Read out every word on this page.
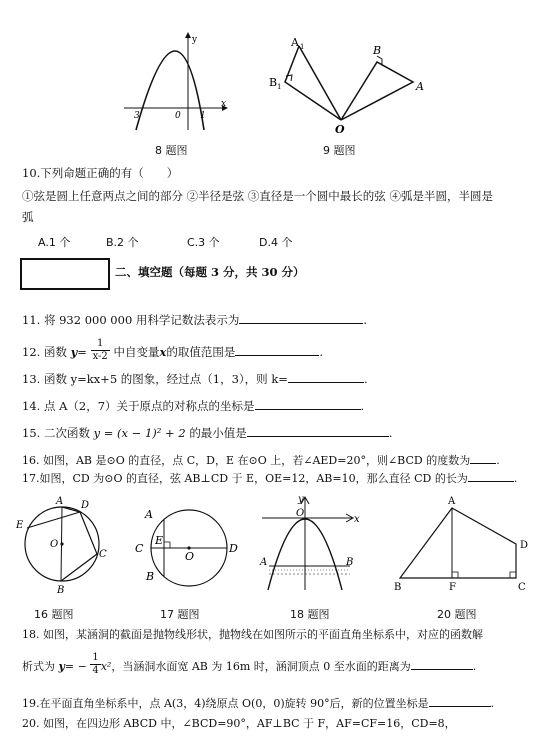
y
x
0
3	1
8 题图
A 1
B 1
B
A
O
9 题图
10.下列命题正确的有（　　）
①弦是圆上任意两点之间的部分 ②半径是弦 ③直径是一个圆中最长的弦 ④弧是半圆，半圆是
弧
A.1 个	B.2 个	C.3 个	D.4 个
二、填空题（每题 3 分，共 30 分）
11. 将 932 000 000 用科学记数法表示为	.
12. 函数 $y= \frac{1}{x-2}$ 中自变量x的取值范围是	.
13. 函数 y=kx+5 的图象，经过点（1，3），则 k=	.
14. 点 A（2，7）关于原点的对称点的坐标是	.
15. 二次函数 y = (x − 1)² + 2 的最小值是	.
16. 如图，AB 是⊙O 的直径，点 C，D，E 在⊙O 上，若∠AED=20°，则∠BCD 的度数为 .
17.如图，CD 为⊙O 的直径，弦 AB⊥CD 于 E，OE=12，AB=10，那么直径 CD 的长为	.
A D
E
O
C
B
16 题图
A
C
E
O
D
B
17 题图
y
O
x
A	B
18 题图
A
D
B	F	C
20 题图
18. 如图，某涵洞的截面是抛物线形状，抛物线在如图所示的平面直角坐标系中，对应的函数解
析式为 $y= - \frac{1}{4} x^2$，当涵洞水面宽 AB 为 16m 时，涵洞顶点 0 至水面的距离为	.
19.在平面直角坐标系中，点 A(3，4)绕原点 O(0，0)旋转 90°后，新的位置坐标是	.
20. 如图，在四边形 ABCD 中，∠BCD=90°，AF⊥BC 于 F，AF=CF=16，CD=8，
